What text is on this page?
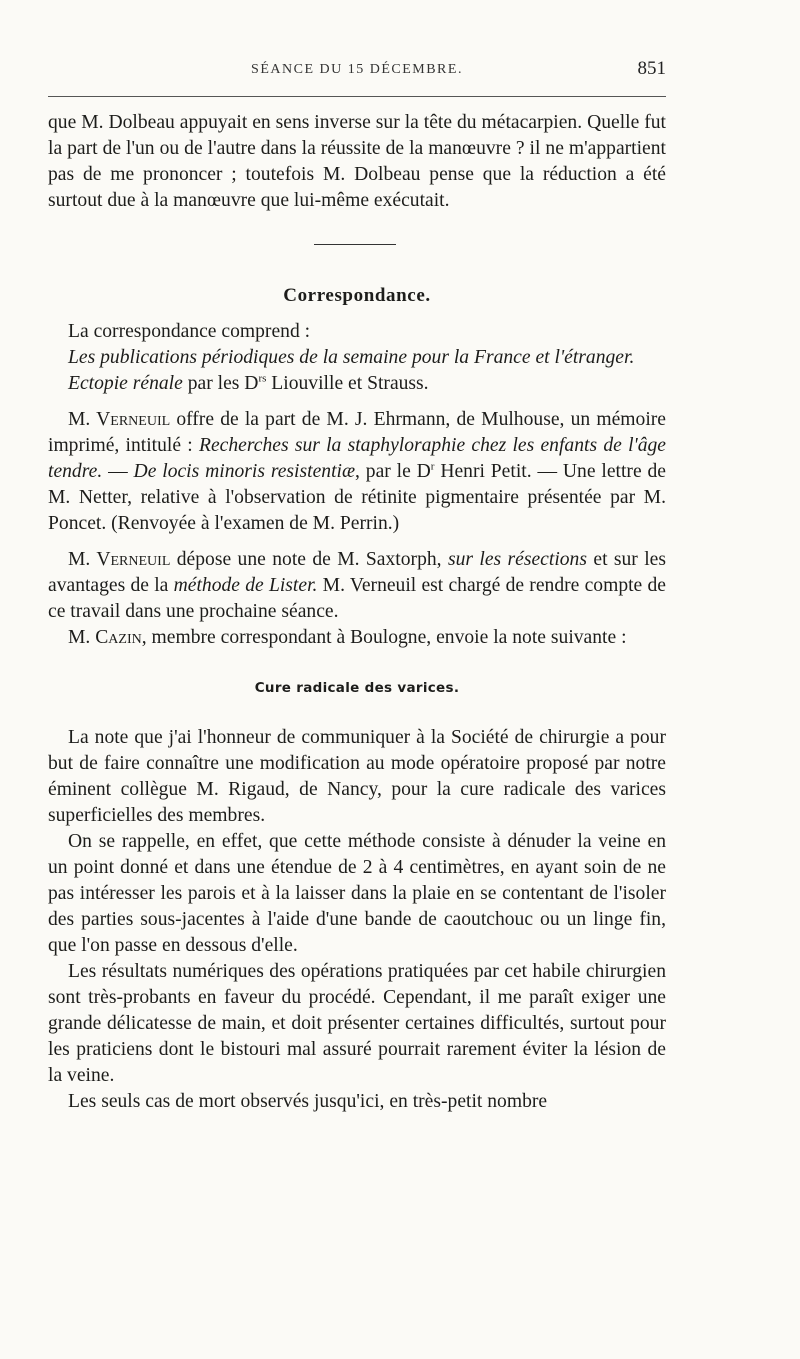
SÉANCE DU 15 DÉCEMBRE.	851

que M. Dolbeau appuyait en sens inverse sur la tête du métacarpien. Quelle fut la part de l'un ou de l'autre dans la réussite de la manœuvre ? il ne m'appartient pas de me prononcer ; toutefois M. Dolbeau pense que la réduction a été surtout due à la manœuvre que lui-même exécutait.

Correspondance.

La correspondance comprend :

Les publications périodiques de la semaine pour la France et l'étranger.

Ectopie rénale par les $D^{rs}$ Liouville et Strauss.

M. Verneuil offre de la part de M. J. Ehrmann, de Mulhouse, un mémoire imprimé, intitulé : Recherches sur la staphyloraphie chez les enfants de l'âge tendre. — De locis minoris resistentiæ, par le $D^r$ Henri Petit. — Une lettre de M. Netter, relative à l'observation de rétinite pigmentaire présentée par M. Poncet. (Renvoyée à l'examen de M. Perrin.)

M. Verneuil dépose une note de M. Saxtorph, sur les résections et sur les avantages de la méthode de Lister. M. Verneuil est chargé de rendre compte de ce travail dans une prochaine séance.

M. Cazin, membre correspondant à Boulogne, envoie la note suivante :

Cure radicale des varices.

La note que j'ai l'honneur de communiquer à la Société de chirurgie a pour but de faire connaître une modification au mode opératoire proposé par notre éminent collègue M. Rigaud, de Nancy, pour la cure radicale des varices superficielles des membres.

On se rappelle, en effet, que cette méthode consiste à dénuder la veine en un point donné et dans une étendue de 2 à 4 centimètres, en ayant soin de ne pas intéresser les parois et à la laisser dans la plaie en se contentant de l'isoler des parties sous-jacentes à l'aide d'une bande de caoutchouc ou un linge fin, que l'on passe en dessous d'elle.

Les résultats numériques des opérations pratiquées par cet habile chirurgien sont très-probants en faveur du procédé. Cependant, il me paraît exiger une grande délicatesse de main, et doit présenter certaines difficultés, surtout pour les praticiens dont le bistouri mal assuré pourrait rarement éviter la lésion de la veine.

Les seuls cas de mort observés jusqu'ici, en très-petit nombre
